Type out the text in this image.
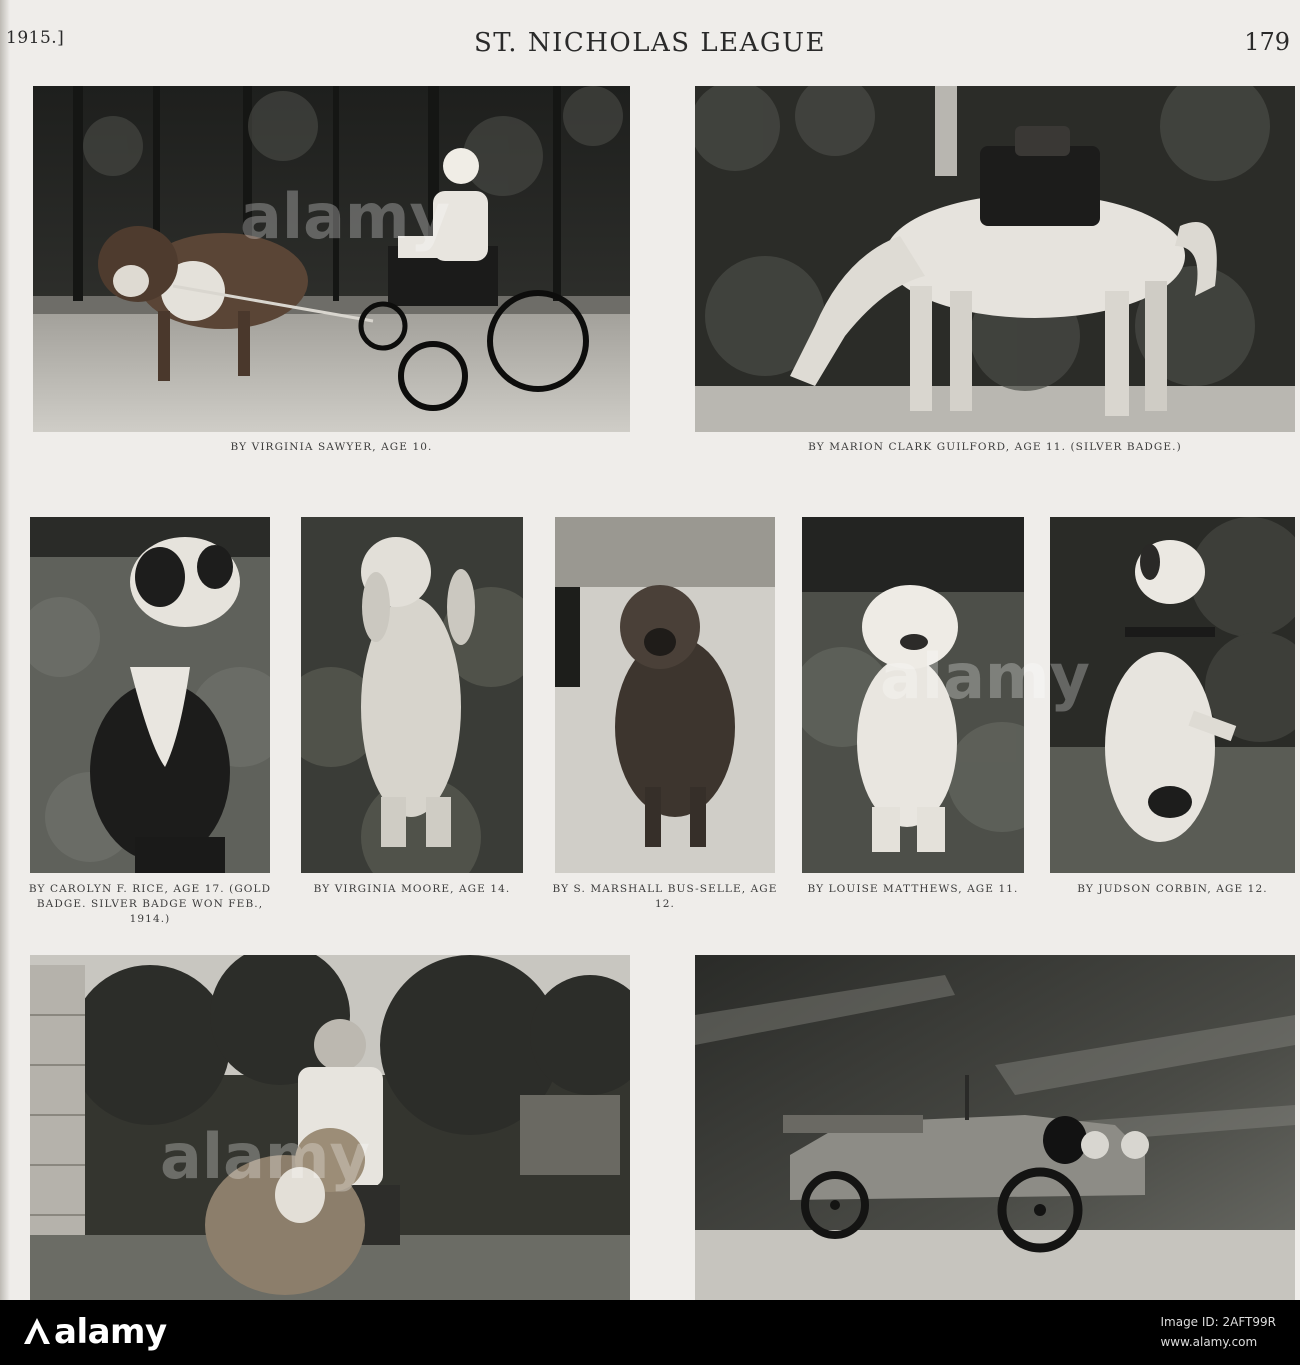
1915.]	ST. NICHOLAS LEAGUE	179
BY VIRGINIA SAWYER, AGE 10.	BY MARION CLARK GUILFORD, AGE 11. (SILVER BADGE.)
BY CAROLYN F. RICE, AGE 17. (GOLD BADGE. SILVER BADGE WON FEB., 1914.)
BY VIRGINIA MOORE, AGE 14.	BY S. MARSHALL BUS-SELLE, AGE 12.
BY LOUISE MATTHEWS, AGE 11.	BY JUDSON CORBIN, AGE 12.
alamy
alamy
alamy
alamy	Image ID: 2AFT99R
www.alamy.com
